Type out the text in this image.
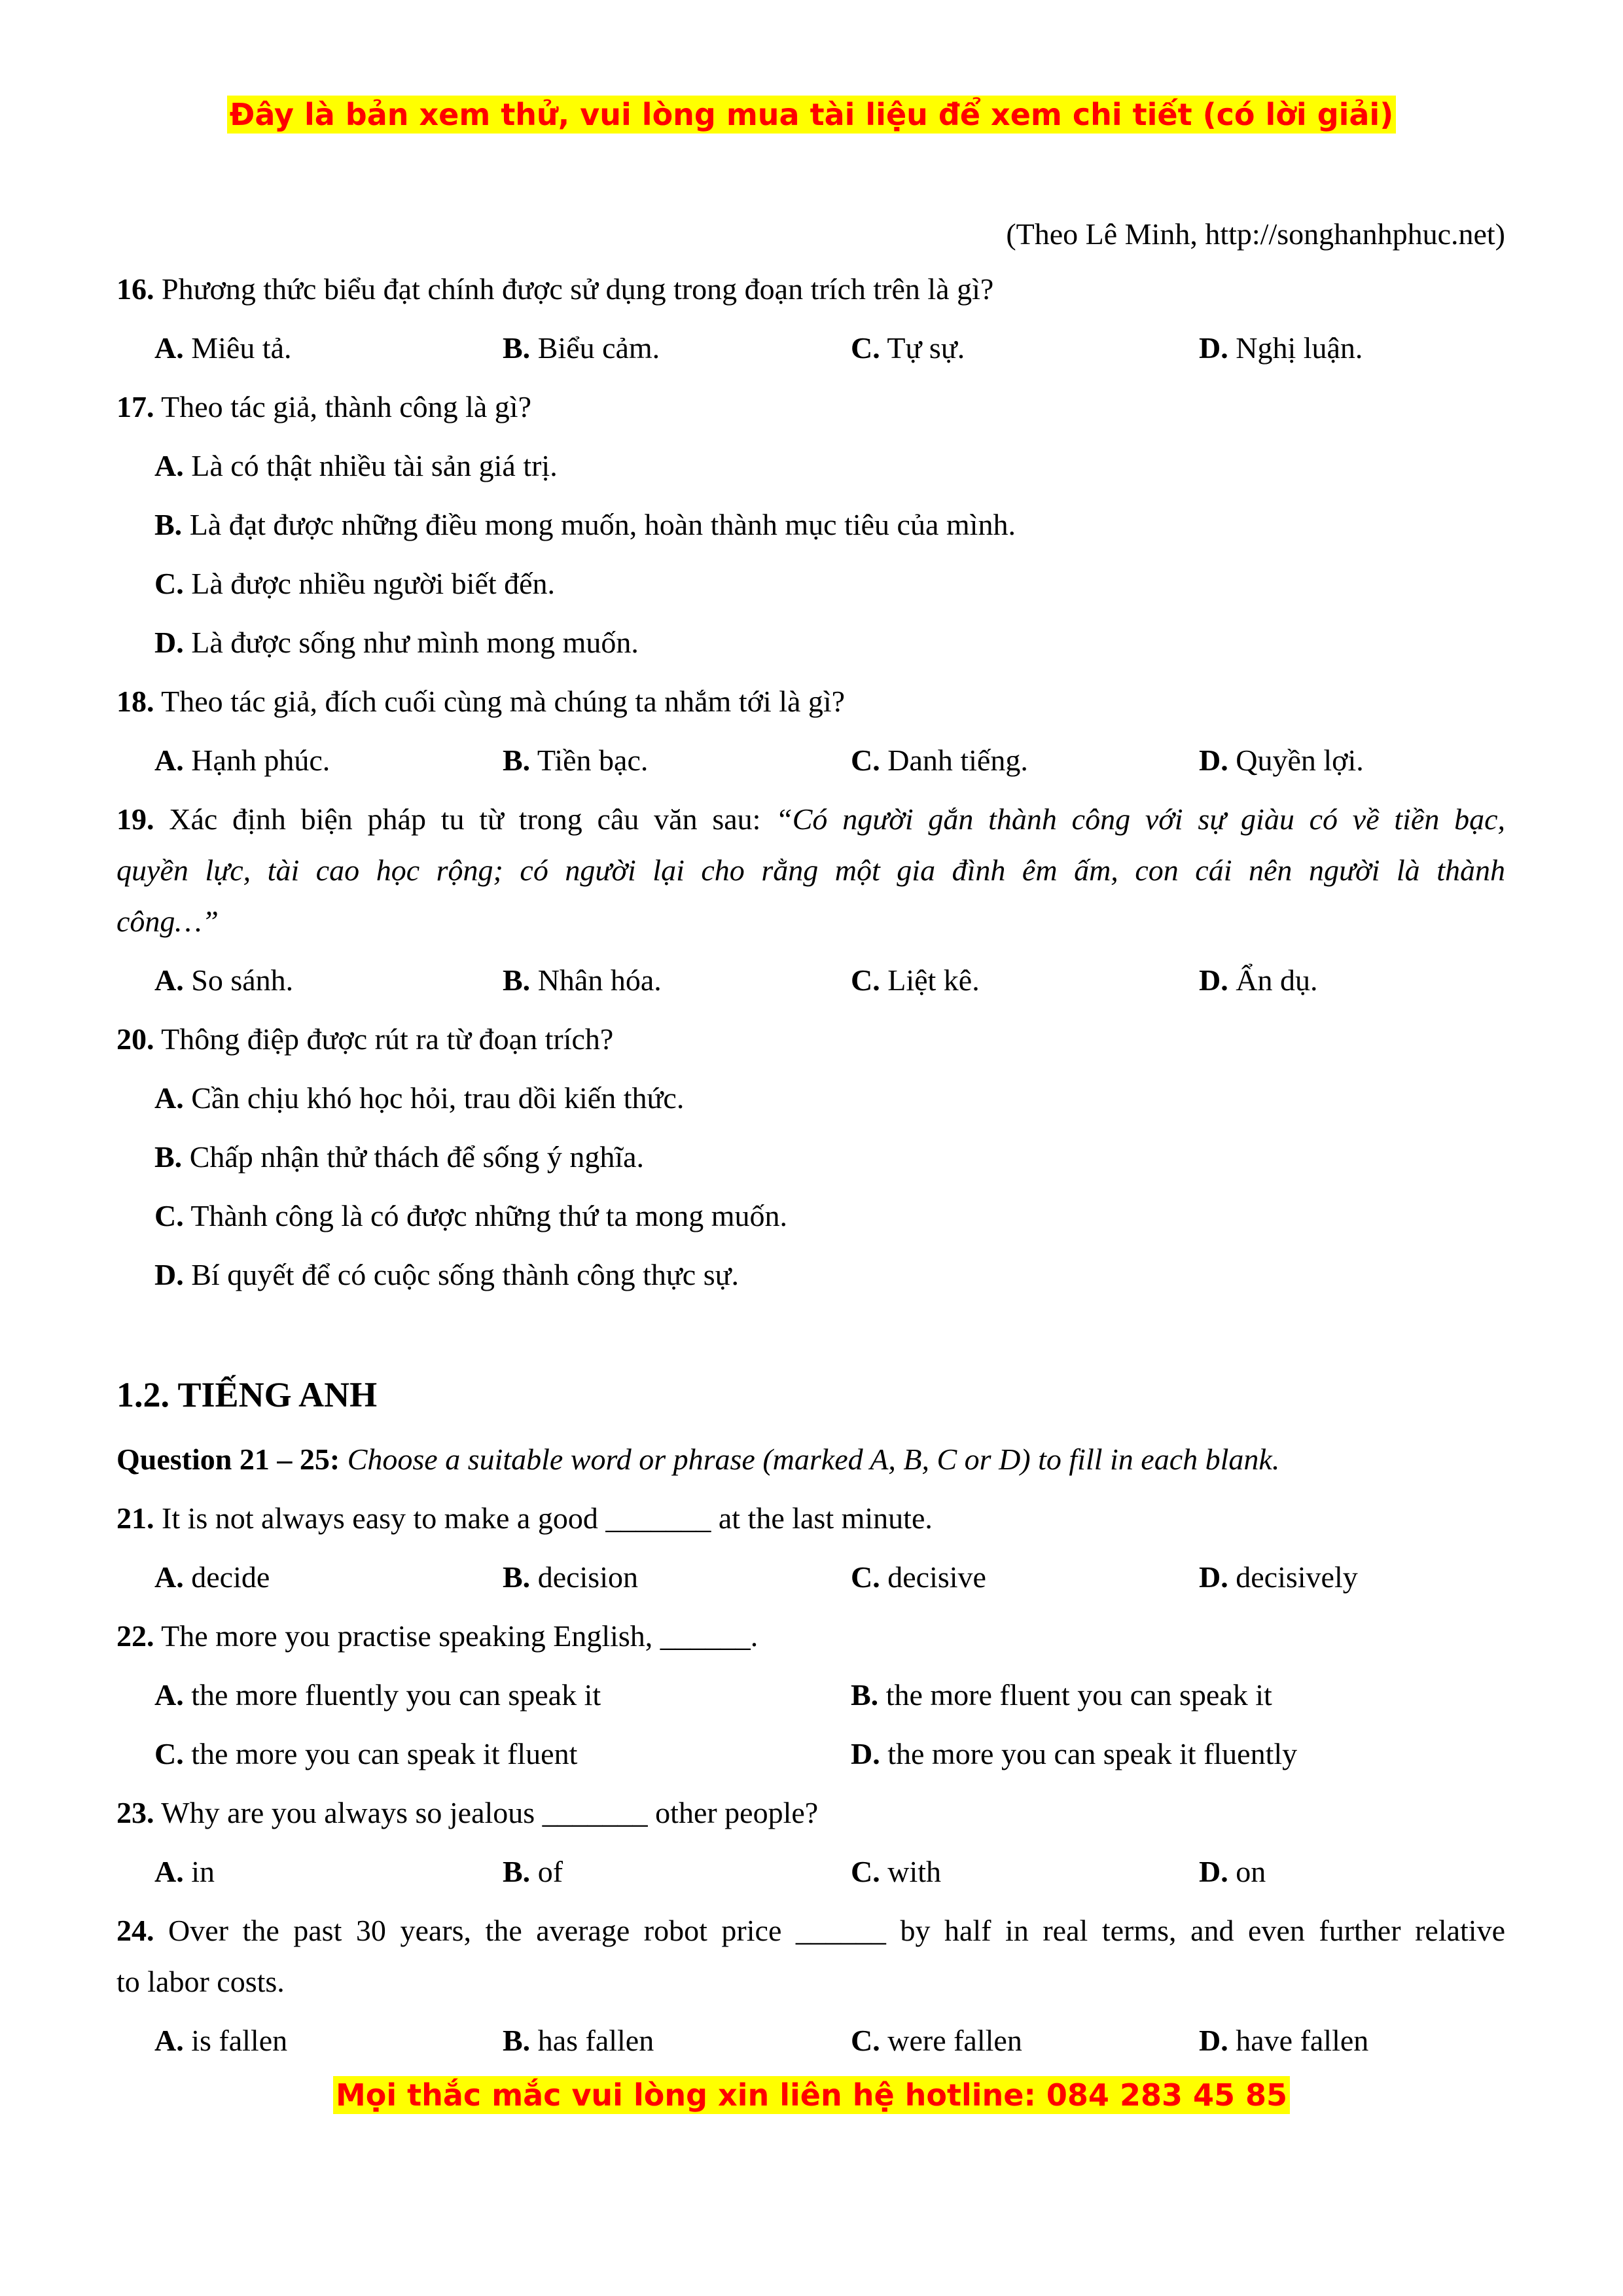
Đây là bản xem thử, vui lòng mua tài liệu để xem chi tiết (có lời giải)
(Theo Lê Minh, http://songhanhphuc.net)
16. Phương thức biểu đạt chính được sử dụng trong đoạn trích trên là gì?
A. Miêu tả.	B. Biểu cảm.	C. Tự sự.	D. Nghị luận.
17. Theo tác giả, thành công là gì?
A. Là có thật nhiều tài sản giá trị.
B. Là đạt được những điều mong muốn, hoàn thành mục tiêu của mình.
C. Là được nhiều người biết đến.
D. Là được sống như mình mong muốn.
18. Theo tác giả, đích cuối cùng mà chúng ta nhắm tới là gì?
A. Hạnh phúc.	B. Tiền bạc.	C. Danh tiếng.	D. Quyền lợi.
19. Xác định biện pháp tu từ trong câu văn sau: “Có người gắn thành công với sự giàu có về tiền bạc,
quyền lực, tài cao học rộng; có người lại cho rằng một gia đình êm ấm, con cái nên người là thành
công…”
A. So sánh.	B. Nhân hóa.	C. Liệt kê.	D. Ẩn dụ.
20. Thông điệp được rút ra từ đoạn trích?
A. Cần chịu khó học hỏi, trau dồi kiến thức.
B. Chấp nhận thử thách để sống ý nghĩa.
C. Thành công là có được những thứ ta mong muốn.
D. Bí quyết để có cuộc sống thành công thực sự.
1.2. TIẾNG ANH
Question 21 – 25: Choose a suitable word or phrase (marked A, B, C or D) to fill in each blank.
21. It is not always easy to make a good _______ at the last minute.
A. decide	B. decision	C. decisive	D. decisively
22. The more you practise speaking English, ______.
A. the more fluently you can speak it	B. the more fluent you can speak it
C. the more you can speak it fluent	D. the more you can speak it fluently
23. Why are you always so jealous _______ other people?
A. in	B. of	C. with	D. on
24. Over the past 30 years, the average robot price ______ by half in real terms, and even further relative
to labor costs.
A. is fallen	B. has fallen	C. were fallen	D. have fallen
Mọi thắc mắc vui lòng xin liên hệ hotline: 084 283 45 85
